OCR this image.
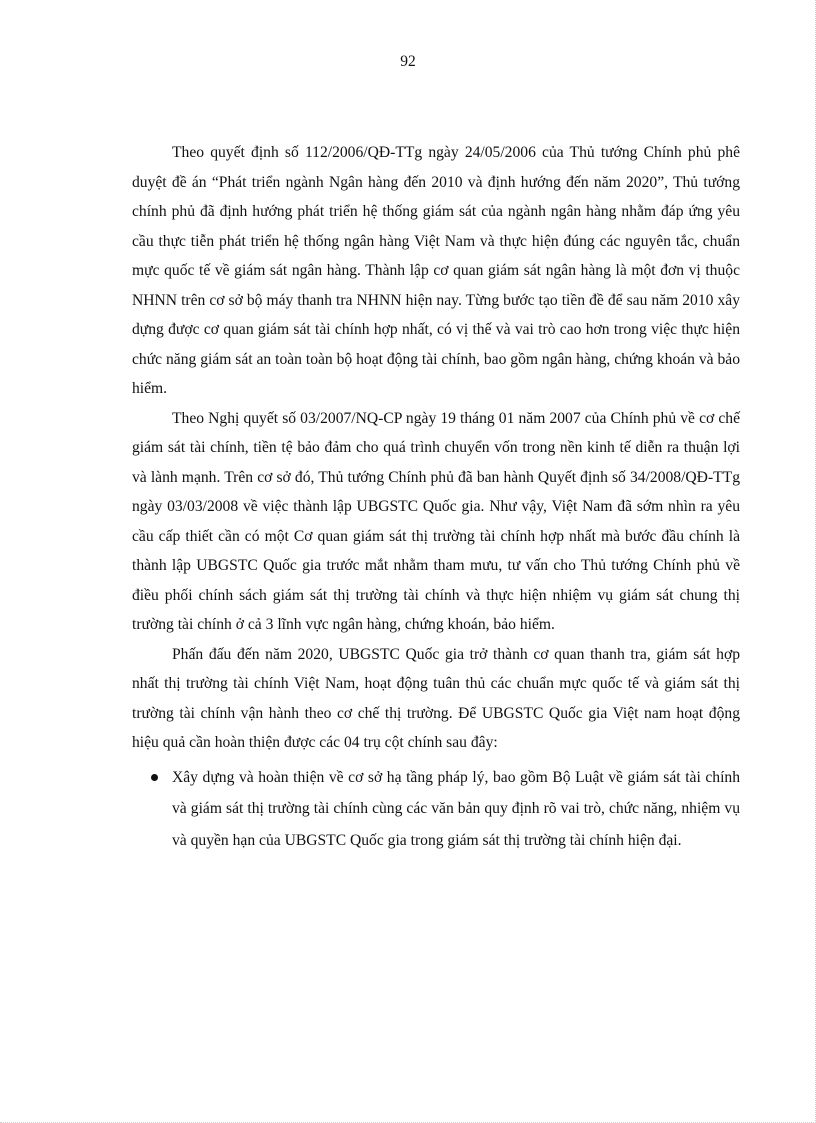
92

Theo quyết định số 112/2006/QĐ-TTg ngày 24/05/2006 của Thủ tướng Chính phủ phê duyệt đề án “Phát triển ngành Ngân hàng đến 2010 và định hướng đến năm 2020”, Thủ tướng chính phủ đã định hướng phát triển hệ thống giám sát của ngành ngân hàng nhằm đáp ứng yêu cầu thực tiễn phát triển hệ thống ngân hàng Việt Nam và thực hiện đúng các nguyên tắc, chuẩn mực quốc tế về giám sát ngân hàng. Thành lập cơ quan giám sát ngân hàng là một đơn vị thuộc NHNN trên cơ sở bộ máy thanh tra NHNN hiện nay. Từng bước tạo tiền đề để sau năm 2010 xây dựng được cơ quan giám sát tài chính hợp nhất, có vị thế và vai trò cao hơn trong việc thực hiện chức năng giám sát an toàn toàn bộ hoạt động tài chính, bao gồm ngân hàng, chứng khoán và bảo hiểm.

Theo Nghị quyết số 03/2007/NQ-CP ngày 19 tháng 01 năm 2007 của Chính phủ về cơ chế giám sát tài chính, tiền tệ bảo đảm cho quá trình chuyển vốn trong nền kinh tế diễn ra thuận lợi và lành mạnh. Trên cơ sở đó, Thủ tướng Chính phủ đã ban hành Quyết định số 34/2008/QĐ-TTg ngày 03/03/2008 về việc thành lập UBGSTC Quốc gia. Như vậy, Việt Nam đã sớm nhìn ra yêu cầu cấp thiết cần có một Cơ quan giám sát thị trường tài chính hợp nhất mà bước đầu chính là thành lập UBGSTC Quốc gia trước mắt nhằm tham mưu, tư vấn cho Thủ tướng Chính phủ về điều phối chính sách giám sát thị trường tài chính và thực hiện nhiệm vụ giám sát chung thị trường tài chính ở cả 3 lĩnh vực ngân hàng, chứng khoán, bảo hiểm.

Phấn đấu đến năm 2020, UBGSTC Quốc gia trở thành cơ quan thanh tra, giám sát hợp nhất thị trường tài chính Việt Nam, hoạt động tuân thủ các chuẩn mực quốc tế và giám sát thị trường tài chính vận hành theo cơ chế thị trường. Để UBGSTC Quốc gia Việt nam hoạt động hiệu quả cần hoàn thiện được các 04 trụ cột chính sau đây:

Xây dựng và hoàn thiện về cơ sở hạ tầng pháp lý, bao gồm Bộ Luật về giám sát tài chính và giám sát thị trường tài chính cùng các văn bản quy định rõ vai trò, chức năng, nhiệm vụ và quyền hạn của UBGSTC Quốc gia trong giám sát thị trường tài chính hiện đại.
